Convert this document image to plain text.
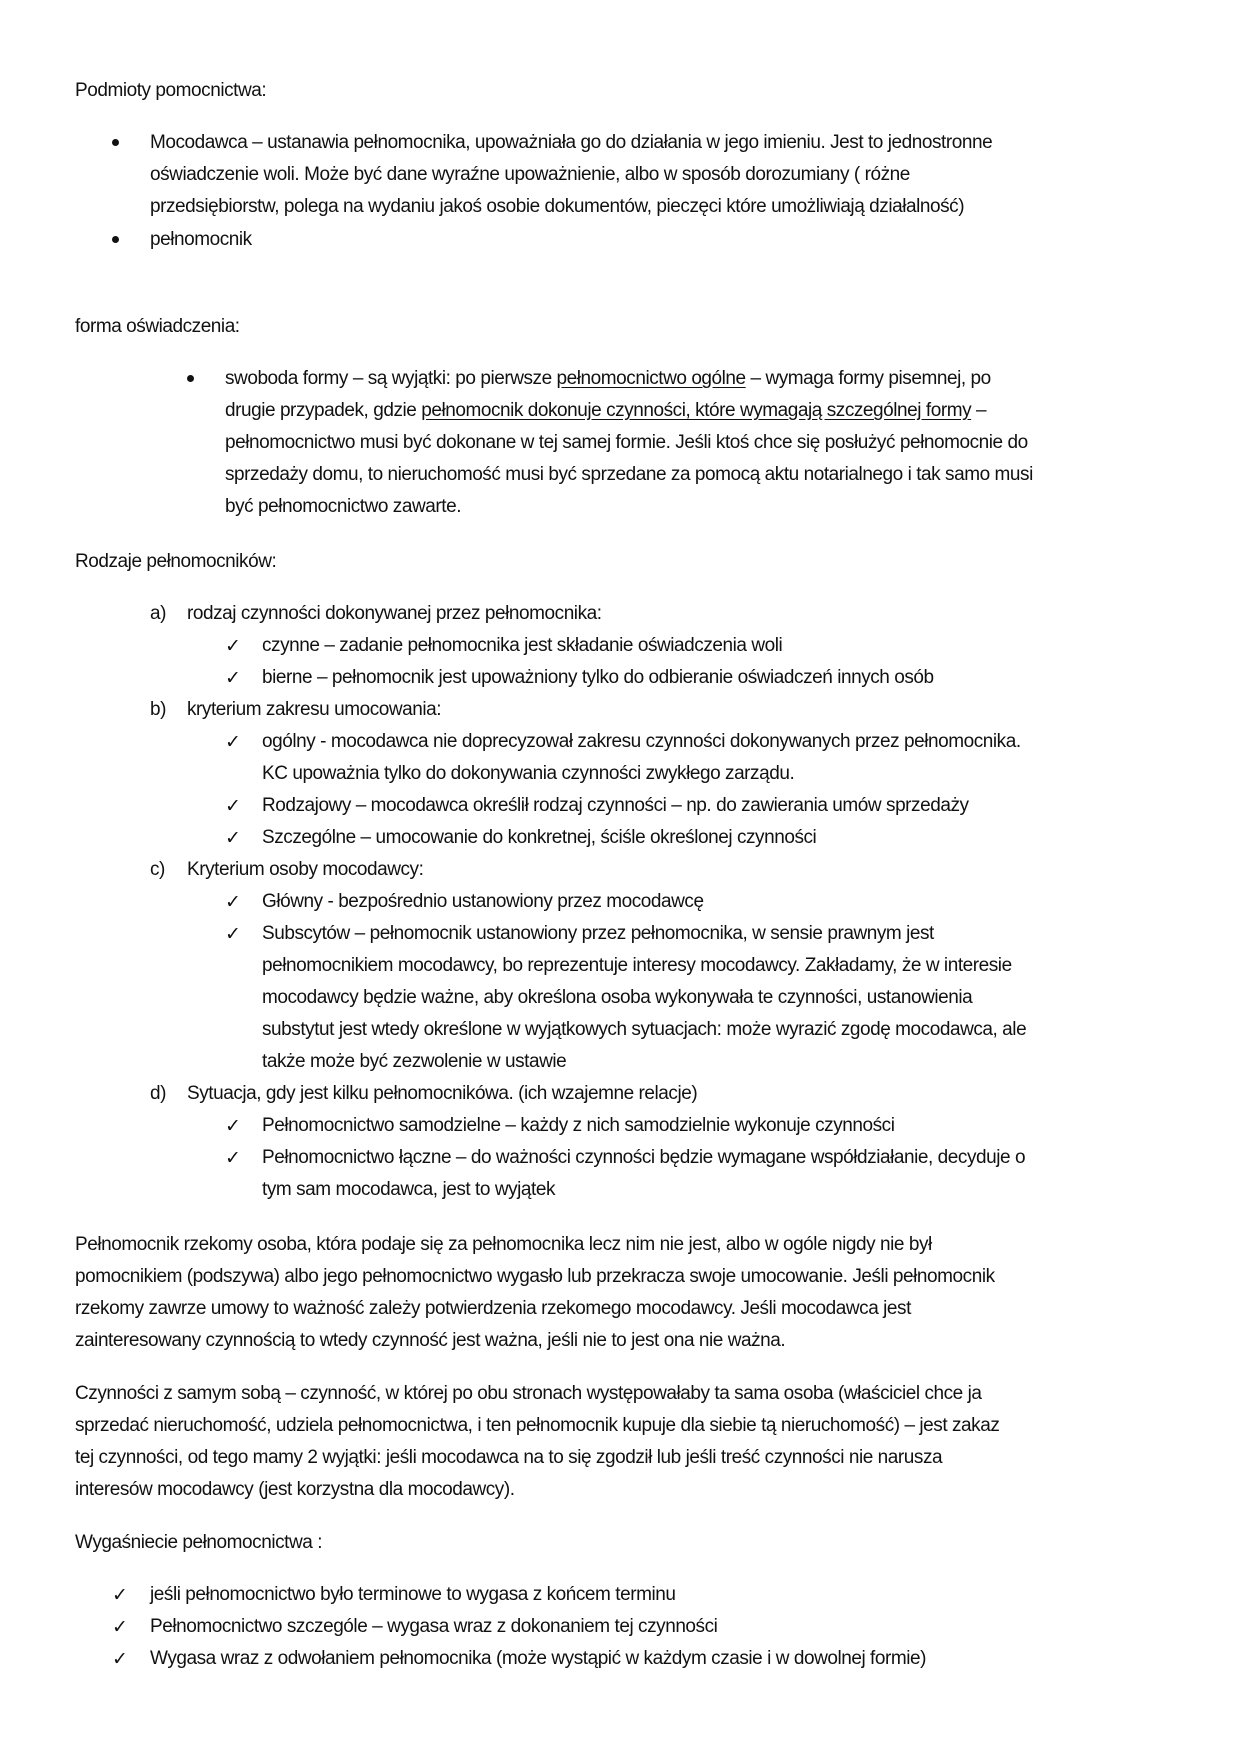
Podmioty pomocnictwa:
Mocodawca – ustanawia pełnomocnika, upoważniała go do działania w jego imieniu. Jest to jednostronne
oświadczenie woli. Może być dane wyraźne upoważnienie, albo w sposób dorozumiany ( różne
przedsiębiorstw, polega na wydaniu jakoś osobie dokumentów, pieczęci które umożliwiają działalność)
pełnomocnik
forma oświadczenia:
swoboda formy – są wyjątki: po pierwsze pełnomocnictwo ogólne – wymaga formy pisemnej, po
drugie przypadek, gdzie pełnomocnik dokonuje czynności, które wymagają szczególnej formy –
pełnomocnictwo musi być dokonane w tej samej formie. Jeśli ktoś chce się posłużyć pełnomocnie do
sprzedaży domu, to nieruchomość musi być sprzedane za pomocą aktu notarialnego i tak samo musi
być pełnomocnictwo zawarte.
Rodzaje pełnomocników:
a) rodzaj czynności dokonywanej przez pełnomocnika:
✓ czynne – zadanie pełnomocnika jest składanie oświadczenia woli
✓ bierne – pełnomocnik jest upoważniony tylko do odbieranie oświadczeń innych osób
b) kryterium zakresu umocowania:
✓ ogólny - mocodawca nie doprecyzował zakresu czynności dokonywanych przez pełnomocnika.
KC upoważnia tylko do dokonywania czynności zwykłego zarządu.
✓ Rodzajowy – mocodawca określił rodzaj czynności – np. do zawierania umów sprzedaży
✓ Szczególne – umocowanie do konkretnej, ściśle określonej czynności
c) Kryterium osoby mocodawcy:
✓ Główny - bezpośrednio ustanowiony przez mocodawcę
✓ Subscytów – pełnomocnik ustanowiony przez pełnomocnika, w sensie prawnym jest
pełnomocnikiem mocodawcy, bo reprezentuje interesy mocodawcy. Zakładamy, że w interesie
mocodawcy będzie ważne, aby określona osoba wykonywała te czynności, ustanowienia
substytut jest wtedy określone w wyjątkowych sytuacjach: może wyrazić zgodę mocodawca, ale
także może być zezwolenie w ustawie
d) Sytuacja, gdy jest kilku pełnomocnikówa. (ich wzajemne relacje)
✓ Pełnomocnictwo samodzielne – każdy z nich samodzielnie wykonuje czynności
✓ Pełnomocnictwo łączne – do ważności czynności będzie wymagane współdziałanie, decyduje o
tym sam mocodawca, jest to wyjątek
Pełnomocnik rzekomy osoba, która podaje się za pełnomocnika lecz nim nie jest, albo w ogóle nigdy nie był
pomocnikiem (podszywa) albo jego pełnomocnictwo wygasło lub przekracza swoje umocowanie. Jeśli pełnomocnik
rzekomy zawrze umowy to ważność zależy potwierdzenia rzekomego mocodawcy. Jeśli mocodawca jest
zainteresowany czynnością to wtedy czynność jest ważna, jeśli nie to jest ona nie ważna.
Czynności z samym sobą – czynność, w której po obu stronach występowałaby ta sama osoba (właściciel chce ja
sprzedać nieruchomość, udziela pełnomocnictwa, i ten pełnomocnik kupuje dla siebie tą nieruchomość) – jest zakaz
tej czynności, od tego mamy 2 wyjątki: jeśli mocodawca na to się zgodził lub jeśli treść czynności nie narusza
interesów mocodawcy (jest korzystna dla mocodawcy).
Wygaśniecie pełnomocnictwa :
✓ jeśli pełnomocnictwo było terminowe to wygasa z końcem terminu
✓ Pełnomocnictwo szczególe – wygasa wraz z dokonaniem tej czynności
✓ Wygasa wraz z odwołaniem pełnomocnika (może wystąpić w każdym czasie i w dowolnej formie)
